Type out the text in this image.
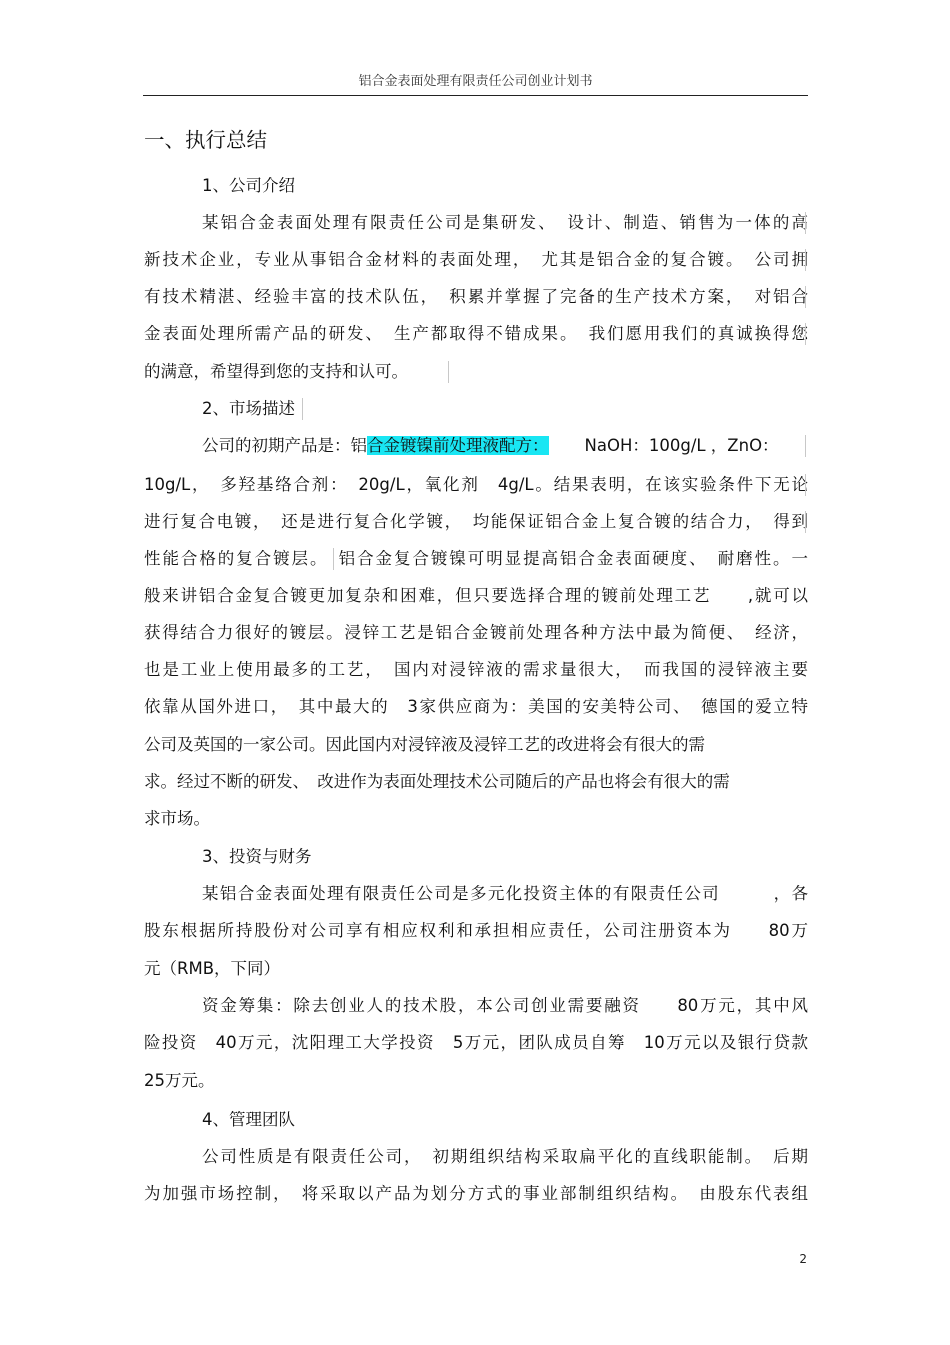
铝合金表面处理有限责任公司创业计划书
一、执行总结
1、公司介绍
某铝合金表面处理有限责任公司是集研发、　设计、制造、销售为一体的高
新技术企业，专业从事铝合金材料的表面处理，　尤其是铝合金的复合镀。　公司拥
有技术精湛、经验丰富的技术队伍，　积累并掌握了完备的生产技术方案，　对铝合
金表面处理所需产品的研发、　生产都取得不错成果。　我们愿用我们的真诚换得您
的满意，希望得到您的支持和认可。
2、市场描述
公司的初期产品是：铝合金镀镍前处理液配方： NaOH：100g/L ，ZnO：
10g/L，　多羟基络合剂：　20g/L，氧化剂　4g/L。结果表明，在该实验条件下无论
进行复合电镀，　还是进行复合化学镀，　均能保证铝合金上复合镀的结合力，　得到
性能合格的复合镀层。　铝合金复合镀镍可明显提高铝合金表面硬度、　耐磨性。一
般来讲铝合金复合镀更加复杂和困难，但只要选择合理的镀前处理工艺　　,就可以
获得结合力很好的镀层。浸锌工艺是铝合金镀前处理各种方法中最为简便、　经济，
也是工业上使用最多的工艺，　国内对浸锌液的需求量很大，　而我国的浸锌液主要
依靠从国外进口，　其中最大的　3家供应商为：美国的安美特公司、　德国的爱立特
公司及英国的一家公司。因此国内对浸锌液及浸锌工艺的改进将会有很大的需
求。经过不断的研发、　改进作为表面处理技术公司随后的产品也将会有很大的需
求市场。
3、投资与财务
某铝合金表面处理有限责任公司是多元化投资主体的有限责任公司　　　，各
股东根据所持股份对公司享有相应权利和承担相应责任，公司注册资本为　　80万
元（RMB，下同）
资金筹集：除去创业人的技术股，本公司创业需要融资　　80万元，其中风
险投资　40万元，沈阳理工大学投资　5万元，团队成员自筹　10万元以及银行贷款
25万元。
4、管理团队
公司性质是有限责任公司，　初期组织结构采取扁平化的直线职能制。　后期
为加强市场控制，　将采取以产品为划分方式的事业部制组织结构。　由股东代表组
2
